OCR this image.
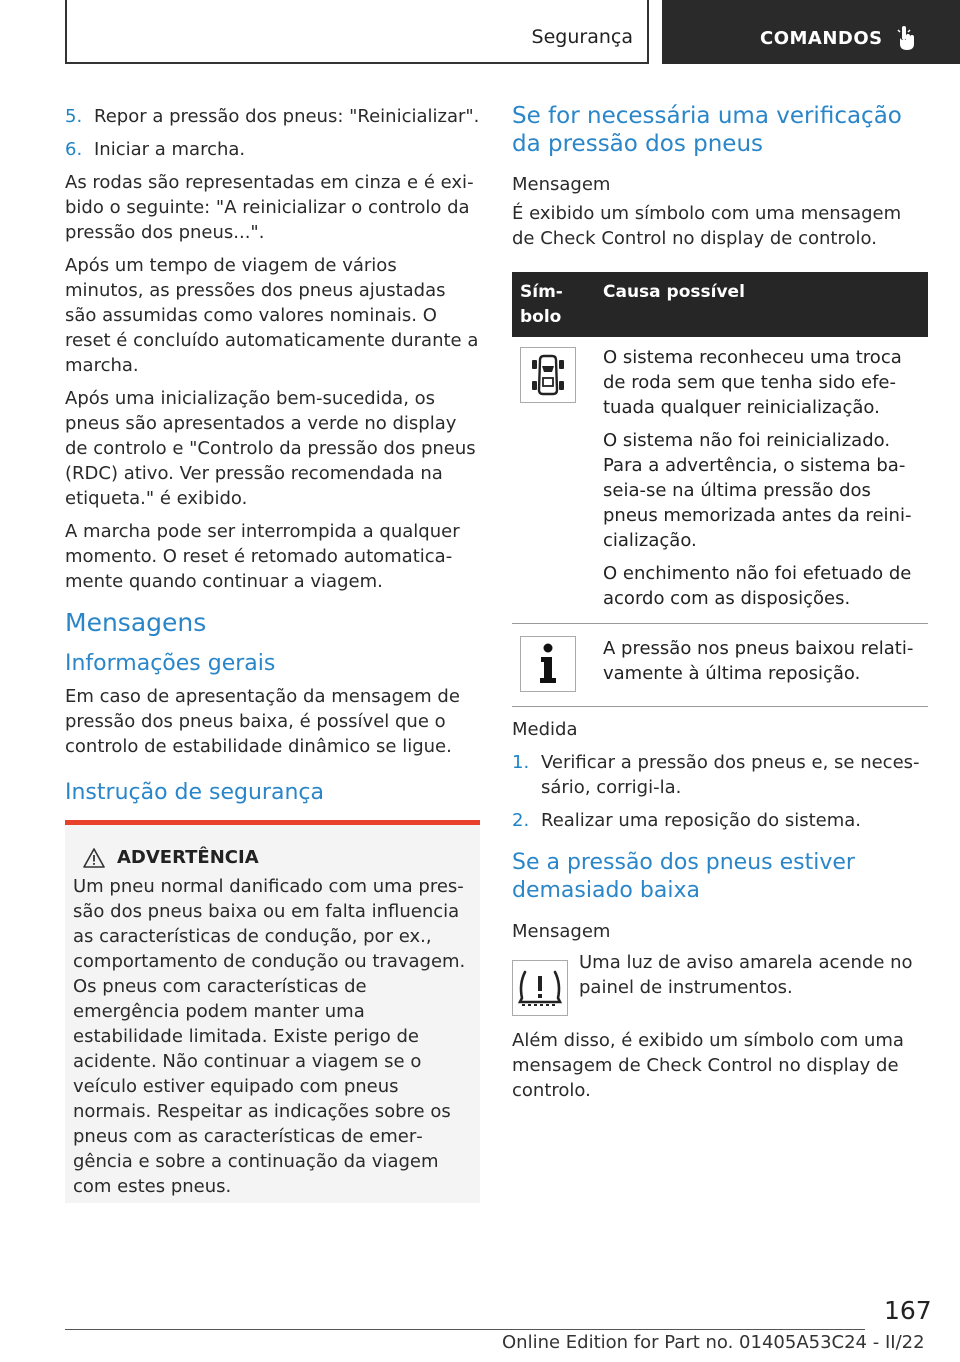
Segurança	COMANDOS
5. Repor a pressão dos pneus: "Reinicializar".
6. Iniciar a marcha.
As rodas são representadas em cinza e é exibido o seguinte: "A reinicializar o controlo da pressão dos pneus...".
Após um tempo de viagem de vários minutos, as pressões dos pneus ajustadas são assumidas como valores nominais. O reset é concluído automaticamente durante a marcha.
Após uma inicialização bem-sucedida, os pneus são apresentados a verde no display de controlo e "Controlo da pressão dos pneus (RDC) ativo. Ver pressão recomendada na etiqueta." é exibido.
A marcha pode ser interrompida a qualquer momento. O reset é retomado automaticamente quando continuar a viagem.
Mensagens
Informações gerais
Em caso de apresentação da mensagem de pressão dos pneus baixa, é possível que o controlo de estabilidade dinâmico se ligue.
Instrução de segurança
ADVERTÊNCIA
Um pneu normal danificado com uma pressão dos pneus baixa ou em falta influencia as características de condução, por ex., comportamento de condução ou travagem. Os pneus com características de emergência podem manter uma estabilidade limitada. Existe perigo de acidente. Não continuar a viagem se o veículo estiver equipado com pneus normais. Respeitar as indicações sobre os pneus com as características de emergência e sobre a continuação da viagem com estes pneus.
Se for necessária uma verificação da pressão dos pneus
Mensagem
É exibido um símbolo com uma mensagem de Check Control no display de controlo.
Símbolo
Causa possível
O sistema reconheceu uma troca de roda sem que tenha sido efetuada qualquer reinicialização.
O sistema não foi reinicializado. Para a advertência, o sistema baseia-se na última pressão dos pneus memorizada antes da reinicialização.
O enchimento não foi efetuado de acordo com as disposições.
A pressão nos pneus baixou relativamente à última reposição.
Medida
1. Verificar a pressão dos pneus e, se necessário, corrigi-la.
2. Realizar uma reposição do sistema.
Se a pressão dos pneus estiver demasiado baixa
Mensagem
Uma luz de aviso amarela acende no painel de instrumentos.
Além disso, é exibido um símbolo com uma mensagem de Check Control no display de controlo.
167
Online Edition for Part no. 01405A53C24 - II/22
